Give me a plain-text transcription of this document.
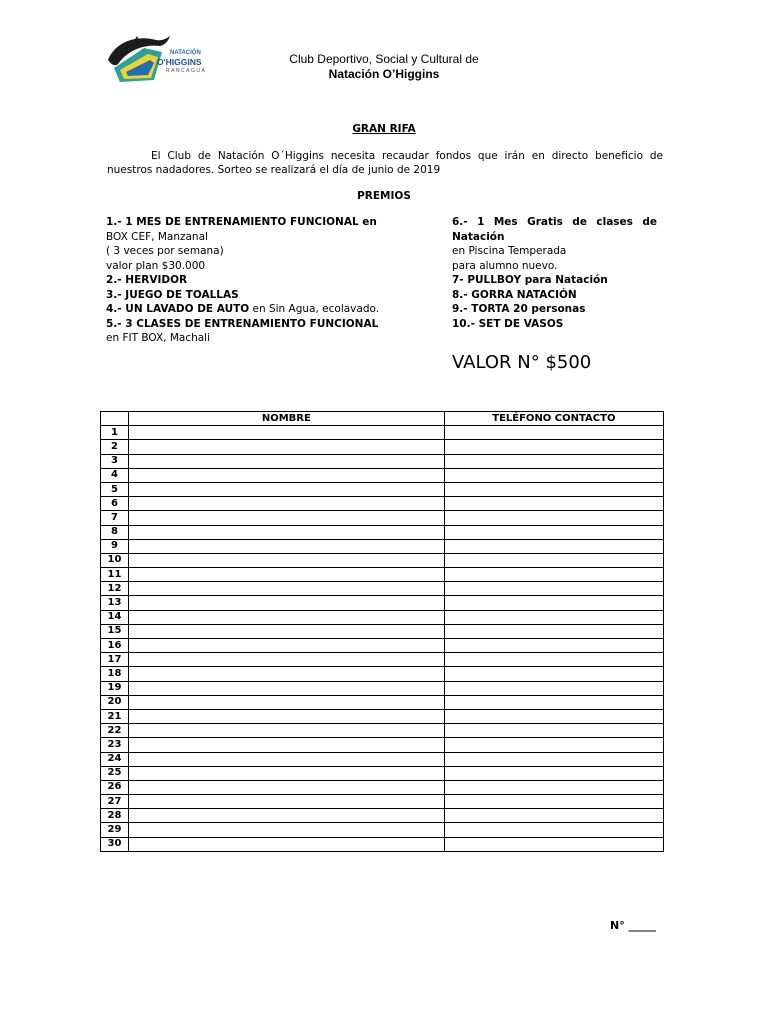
NATACIÓN
O'HIGGINS
RANCAGUA
Club Deportivo, Social y Cultural de
Natación O’Higgins
GRAN RIFA
El Club de Natación O´Higgins necesita recaudar fondos que irán en directo beneficio de nuestros nadadores. Sorteo se realizará el día de junio de 2019
PREMIOS
1.- 1 MES DE ENTRENAMIENTO FUNCIONAL en
BOX CEF, Manzanal
( 3 veces por semana)
valor plan $30.000
2.- HERVIDOR
3.- JUEGO DE TOALLAS
4.- UN LAVADO DE AUTO en Sin Agua, ecolavado.
5.- 3 CLASES DE ENTRENAMIENTO FUNCIONAL
en FIT BOX, Machali
6.- 1 Mes Gratis de clases de
Natación
en Piscina Temperada
para alumno nuevo.
7- PULLBOY para Natación
8.- GORRA NATACIÓN
9.- TORTA 20 personas
10.- SET DE VASOS
VALOR N° $500
	NOMBRE	TELÉFONO CONTACTO
1		
2		
3		
4		
5		
6		
7		
8		
9		
10		
11		
12		
13		
14		
15		
16		
17		
18		
19		
20		
21		
22		
23		
24		
25		
26		
27		
28		
29		
30		
N° _____
